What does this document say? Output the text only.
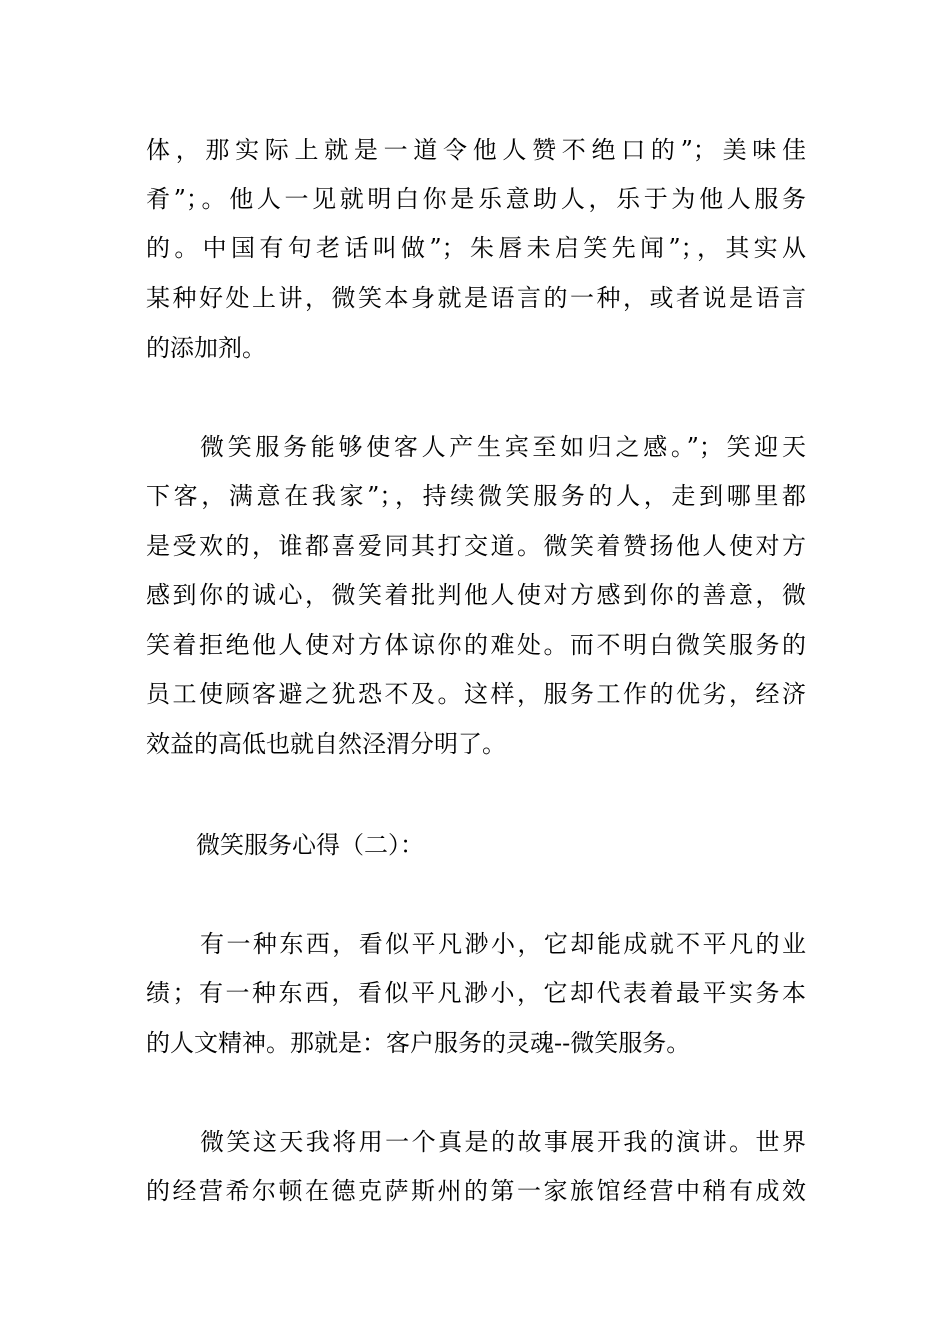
体，那实际上就是一道令他人赞不绝口的”；美味佳
肴”；。他人一见就明白你是乐意助人，乐于为他人服务
的。中国有句老话叫做”；朱唇未启笑先闻”；，其实从
某种好处上讲，微笑本身就是语言的一种，或者说是语言
的添加剂。
微笑服务能够使客人产生宾至如归之感。”；笑迎天
下客，满意在我家”；，持续微笑服务的人，走到哪里都
是受欢的，谁都喜爱同其打交道。微笑着赞扬他人使对方
感到你的诚心，微笑着批判他人使对方感到你的善意，微
笑着拒绝他人使对方体谅你的难处。而不明白微笑服务的
员工使顾客避之犹恐不及。这样，服务工作的优劣，经济
效益的高低也就自然泾渭分明了。
微笑服务心得（二）：
有一种东西，看似平凡渺小，它却能成就不平凡的业
绩；有一种东西，看似平凡渺小，它却代表着最平实务本
的人文精神。那就是：客户服务的灵魂--微笑服务。
微笑这天我将用一个真是的故事展开我的演讲。世界
的经营希尔顿在德克萨斯州的第一家旅馆经营中稍有成效
